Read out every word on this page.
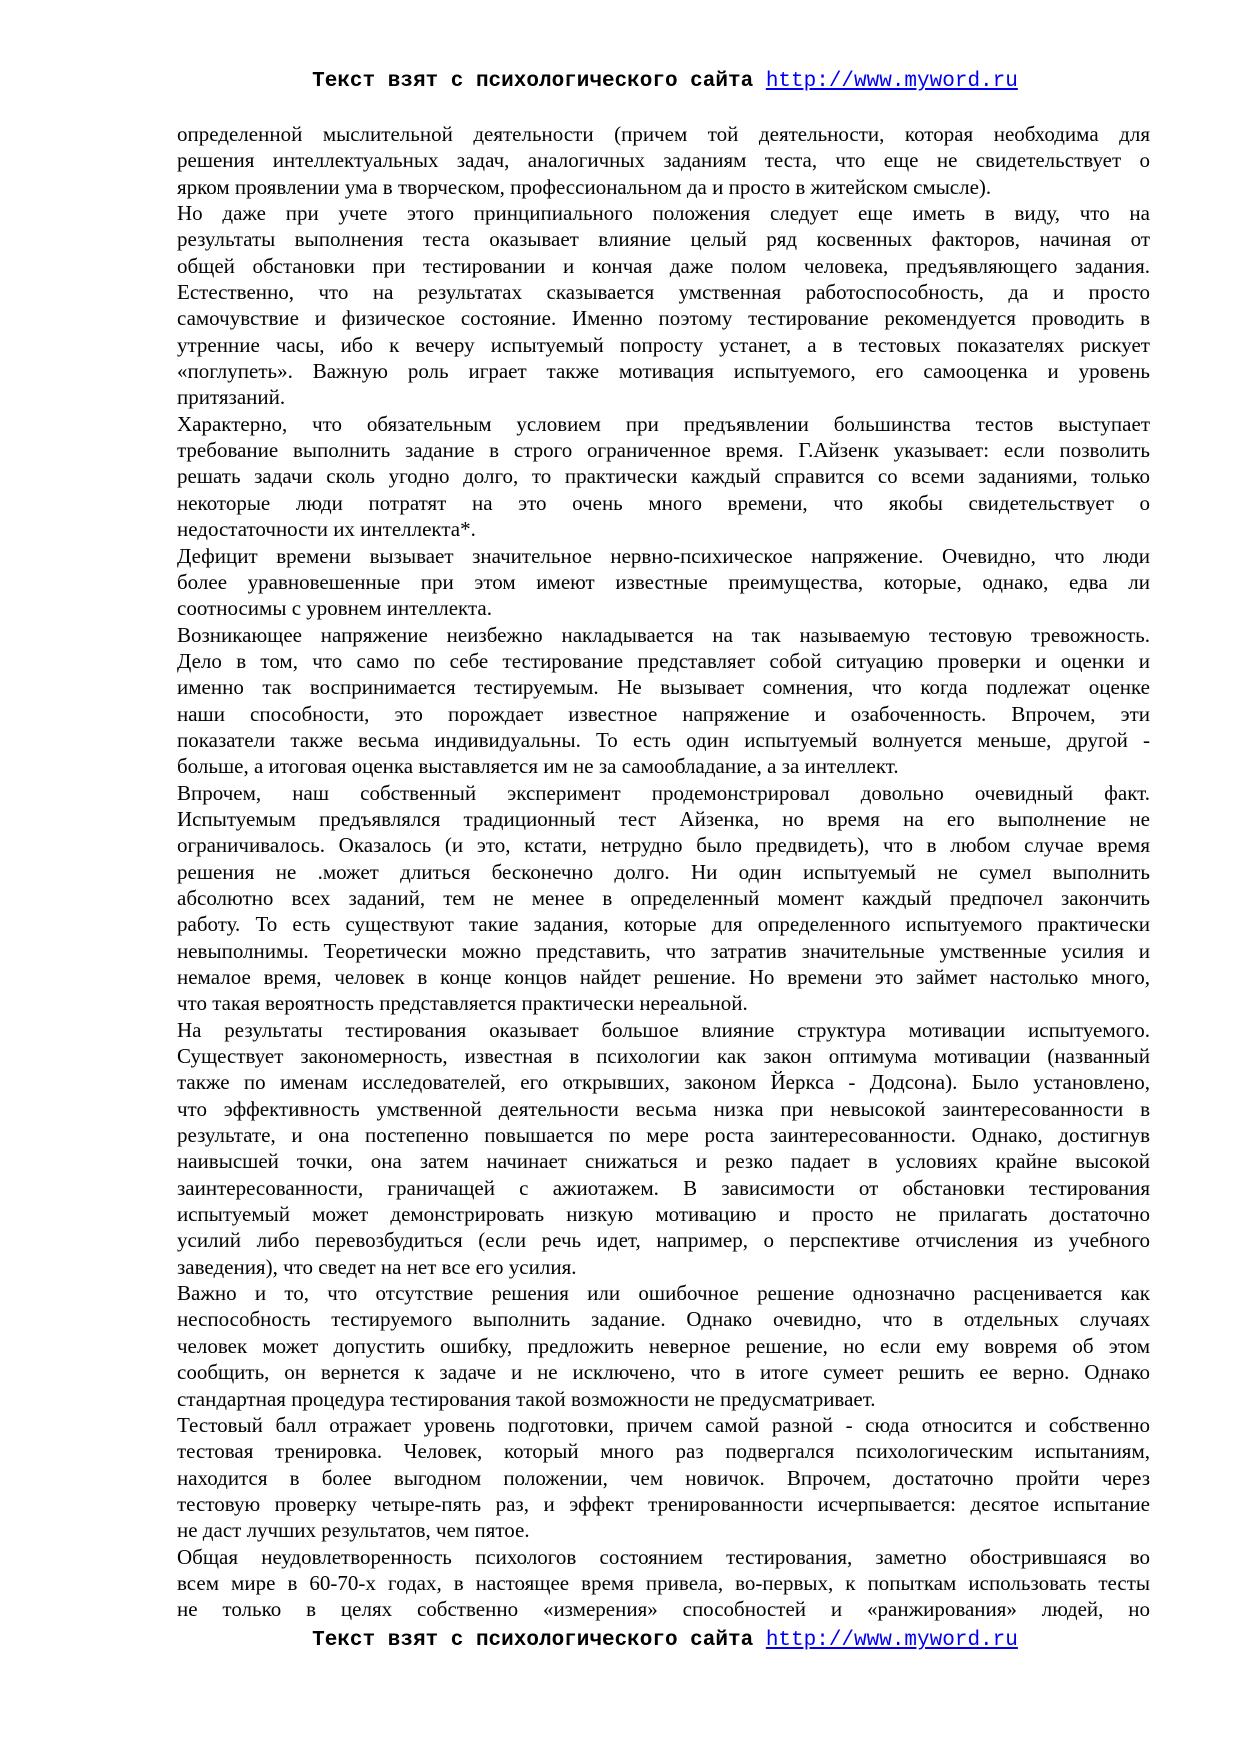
Текст взят с психологического сайта http://www.myword.ru
определенной мыслительной деятельности (причем той деятельности, которая необходима для
решения интеллектуальных задач, аналогичных заданиям теста, что еще не свидетельствует о
ярком проявлении ума в творческом, профессиональном да и просто в житейском смысле).
Но даже при учете этого принципиального положения следует еще иметь в виду, что на
результаты выполнения теста оказывает влияние целый ряд косвенных факторов, начиная от
общей обстановки при тестировании и кончая даже полом человека, предъявляющего задания.
Естественно, что на результатах сказывается умственная работоспособность, да и просто
самочувствие и физическое состояние. Именно поэтому тестирование рекомендуется проводить в
утренние часы, ибо к вечеру испытуемый попросту устанет, а в тестовых показателях рискует
«поглупеть». Важную роль играет также мотивация испытуемого, его самооценка и уровень
притязаний.
Характерно, что обязательным условием при предъявлении большинства тестов выступает
требование выполнить задание в строго ограниченное время. Г.Айзенк указывает: если позволить
решать задачи сколь угодно долго, то практически каждый справится со всеми заданиями, только
некоторые люди потратят на это очень много времени, что якобы свидетельствует о
недостаточности их интеллекта*.
Дефицит времени вызывает значительное нервно-психическое напряжение. Очевидно, что люди
более уравновешенные при этом имеют известные преимущества, которые, однако, едва ли
соотносимы с уровнем интеллекта.
Возникающее напряжение неизбежно накладывается на так называемую тестовую тревожность.
Дело в том, что само по себе тестирование представляет собой ситуацию проверки и оценки и
именно так воспринимается тестируемым. Не вызывает сомнения, что когда подлежат оценке
наши способности, это порождает известное напряжение и озабоченность. Впрочем, эти
показатели также весьма индивидуальны. То есть один испытуемый волнуется меньше, другой -
больше, а итоговая оценка выставляется им не за самообладание, а за интеллект.
Впрочем, наш собственный эксперимент продемонстрировал довольно очевидный факт.
Испытуемым предъявлялся традиционный тест Айзенка, но время на его выполнение не
ограничивалось. Оказалось (и это, кстати, нетрудно было предвидеть), что в любом случае время
решения не .может длиться бесконечно долго. Ни один испытуемый не сумел выполнить
абсолютно всех заданий, тем не менее в определенный момент каждый предпочел закончить
работу. То есть существуют такие задания, которые для определенного испытуемого практически
невыполнимы. Теоретически можно представить, что затратив значительные умственные усилия и
немалое время, человек в конце концов найдет решение. Но времени это займет настолько много,
что такая вероятность представляется практически нереальной.
На результаты тестирования оказывает большое влияние структура мотивации испытуемого.
Существует закономерность, известная в психологии как закон оптимума мотивации (названный
также по именам исследователей, его открывших, законом Йеркса - Додсона). Было установлено,
что эффективность умственной деятельности весьма низка при невысокой заинтересованности в
результате, и она постепенно повышается по мере роста заинтересованности. Однако, достигнув
наивысшей точки, она затем начинает снижаться и резко падает в условиях крайне высокой
заинтересованности, граничащей с ажиотажем. В зависимости от обстановки тестирования
испытуемый может демонстрировать низкую мотивацию и просто не прилагать достаточно
усилий либо перевозбудиться (если речь идет, например, о перспективе отчисления из учебного
заведения), что сведет на нет все его усилия.
Важно и то, что отсутствие решения или ошибочное решение однозначно расценивается как
неспособность тестируемого выполнить задание. Однако очевидно, что в отдельных случаях
человек может допустить ошибку, предложить неверное решение, но если ему вовремя об этом
сообщить, он вернется к задаче и не исключено, что в итоге сумеет решить ее верно. Однако
стандартная процедура тестирования такой возможности не предусматривает.
Тестовый балл отражает уровень подготовки, причем самой разной - сюда относится и собственно
тестовая тренировка. Человек, который много раз подвергался психологическим испытаниям,
находится в более выгодном положении, чем новичок. Впрочем, достаточно пройти через
тестовую проверку четыре-пять раз, и эффект тренированности исчерпывается: десятое испытание
не даст лучших результатов, чем пятое.
Общая неудовлетворенность психологов состоянием тестирования, заметно обострившаяся во
всем мире в 60-70-х годах, в настоящее время привела, во-первых, к попыткам использовать тесты
не только в целях собственно «измерения» способностей и «ранжирования» людей, но
Текст взят с психологического сайта http://www.myword.ru
